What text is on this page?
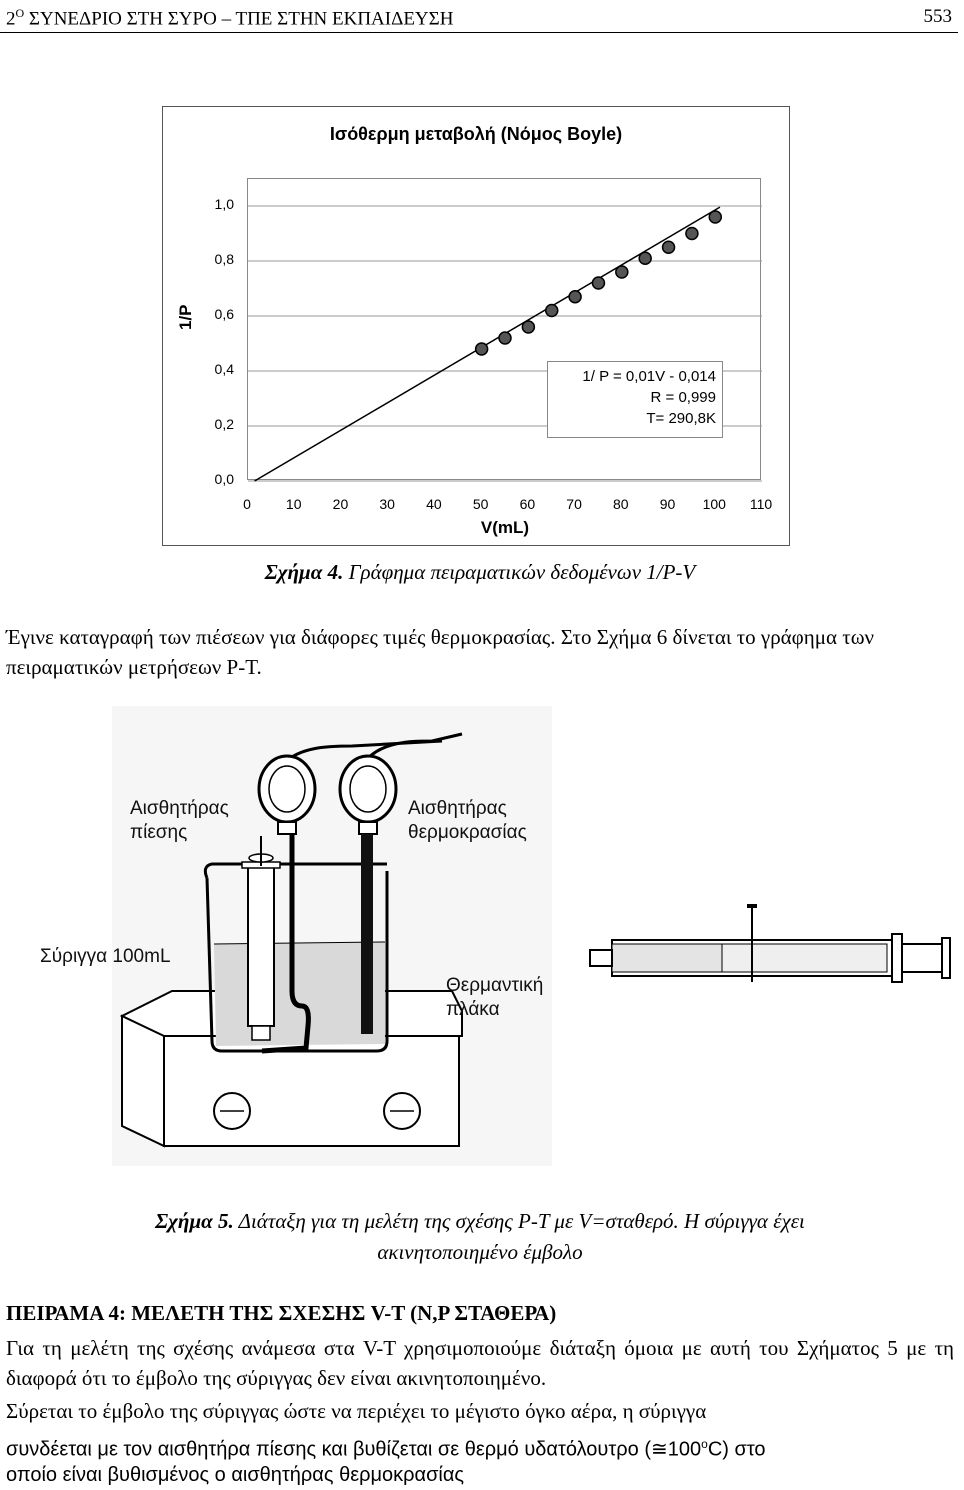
$2^O$ ΣΥΝΕΔΡΙΟ ΣΤΗ ΣΥΡΟ – ΤΠΕ ΣΤΗΝ ΕΚΠΑΙΔΕΥΣΗ	553
Ισόθερμη μεταβολή (Νόμος Boyle)
1/P
V(mL)
0,0
0,2
0,4
0,6
0,8
1,0
0	10	20	30	40	50	60	70	80	90	100	110
1/ P = 0,01V - 0,014
R = 0,999
T= 290,8K
Σχήμα 4. Γράφημα πειραματικών δεδομένων 1/P-V
Έγινε καταγραφή των πιέσεων για διάφορες τιμές θερμοκρασίας. Στο Σχήμα 6 δίνεται το γράφημα των πειραματικών μετρήσεων P-T.
Αισθητήρας πίεσης
Αισθητήρας θερμοκρασίας
Σύριγγα 100mL
Θερμαντική πλάκα
Σχήμα 5. Διάταξη για τη μελέτη της σχέσης P-T με V=σταθερό. Η σύριγγα έχει
ακινητοποιημένο έμβολο
ΠΕΙΡΑΜΑ 4: ΜΕΛΕΤΗ ΤΗΣ ΣΧΕΣΗΣ V-T (N,P ΣΤΑΘΕΡΑ)
Για τη μελέτη της σχέσης ανάμεσα στα V-T χρησιμοποιούμε διάταξη όμοια με αυτή του Σχήματος 5 με τη διαφορά ότι το έμβολο της σύριγγας δεν είναι ακινητοποιημένο.
Σύρεται το έμβολο της σύριγγας ώστε να περιέχει το μέγιστο όγκο αέρα, η σύριγγα
συνδέεται με τον αισθητήρα πίεσης και βυθίζεται σε θερμό υδατόλουτρο $(≅100^oC)$ στο
οποίο είναι βυθισμένος ο αισθητήρας θερμοκρασίας
